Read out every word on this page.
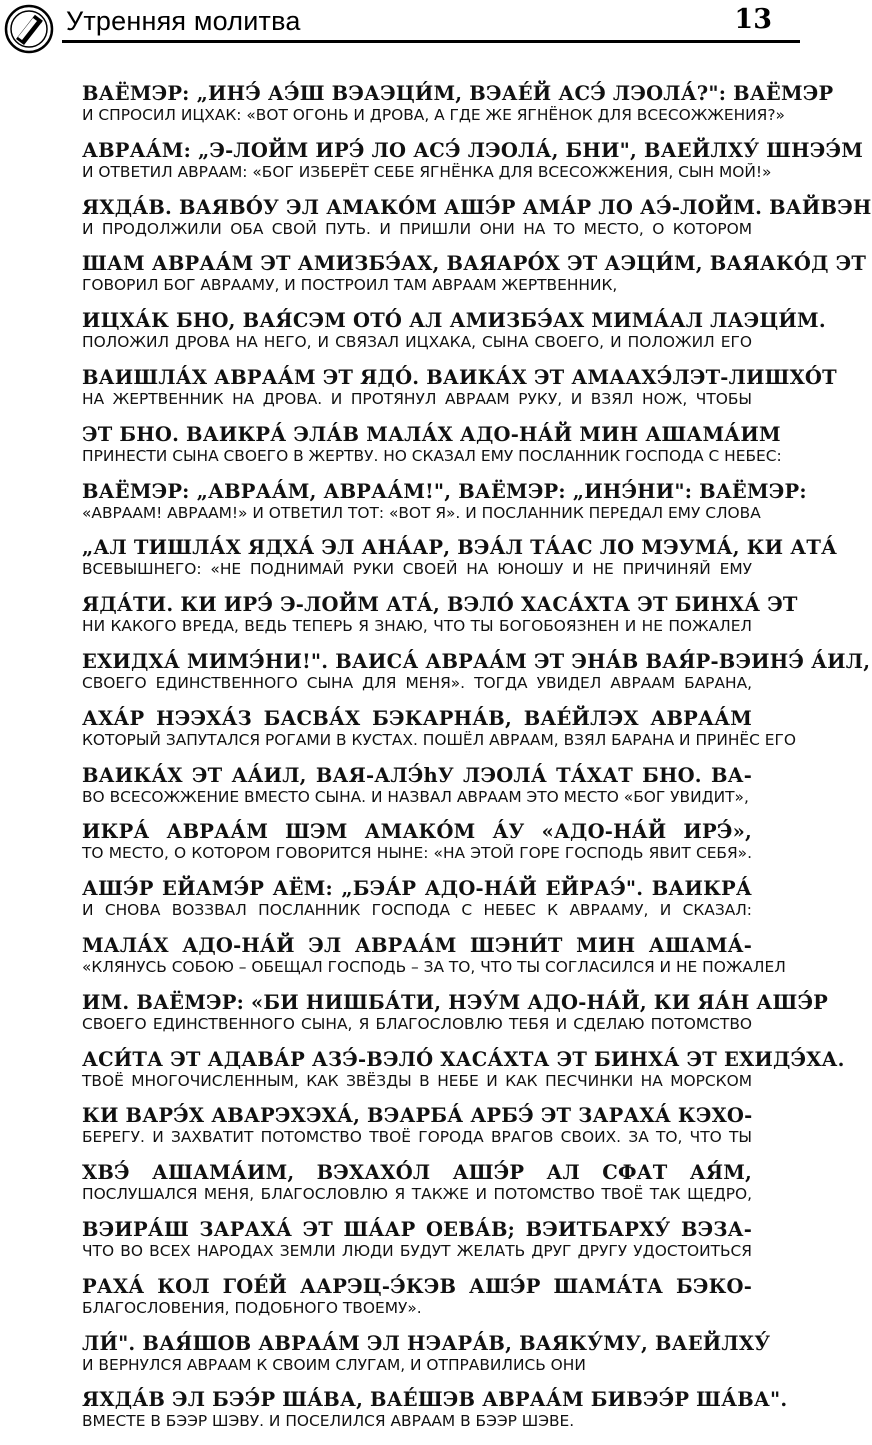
Утренняя молитва	13
ВАЁМЭР: „ИНЭ́ АЭ́Ш ВЭАЭЦИ́М, ВЭАЕ́Й АСЭ́ ЛЭОЛА́?": ВАЁМЭР
И СПРОСИЛ ИЦХАК: «ВОТ ОГОНЬ И ДРОВА, А ГДЕ ЖЕ ЯГНЁНОК ДЛЯ ВСЕСОЖЖЕНИЯ?»
АВРАА́М: „Э-ЛОЙМ ИРЭ́ ЛО АСЭ́ ЛЭОЛА́, БНИ", ВАЕЙЛХУ́ ШНЭЭ́М
И ОТВЕТИЛ АВРААМ: «БОГ ИЗБЕРЁТ СЕБЕ ЯГНЁНКА ДЛЯ ВСЕСОЖЖЕНИЯ, СЫН МОЙ!»
ЯХДА́В. ВАЯВО́У ЭЛ АМАКО́М АШЭ́Р АМА́Р ЛО АЭ́-ЛОЙМ. ВАЙВЭН
И ПРОДОЛЖИЛИ ОБА СВОЙ ПУТЬ. И ПРИШЛИ ОНИ НА ТО МЕСТО, О КОТОРОМ
ШАМ АВРАА́М ЭТ АМИЗБЭ́АХ, ВАЯАРО́Х ЭТ АЭЦИ́М, ВАЯАКО́Д ЭТ
ГОВОРИЛ БОГ АВРААМУ, И ПОСТРОИЛ ТАМ АВРААМ ЖЕРТВЕННИК,
ИЦХА́К БНО, ВАЯ́СЭМ ОТО́ АЛ АМИЗБЭ́АХ МИМА́АЛ ЛАЭЦИ́М.
ПОЛОЖИЛ ДРОВА НА НЕГО, И СВЯЗАЛ ИЦХАКА, СЫНА СВОЕГО, И ПОЛОЖИЛ ЕГО
ВАИШЛА́Х АВРАА́М ЭТ ЯДО́. ВАИКА́Х ЭТ АМААХЭ́ЛЭТ-ЛИШХО́Т
НА ЖЕРТВЕННИК НА ДРОВА. И ПРОТЯНУЛ АВРААМ РУКУ, И ВЗЯЛ НОЖ, ЧТОБЫ
ЭТ БНО. ВАИКРА́ ЭЛА́В МАЛА́Х АДО-НА́Й МИН АШАМА́ИМ
ПРИНЕСТИ СЫНА СВОЕГО В ЖЕРТВУ. НО СКАЗАЛ ЕМУ ПОСЛАННИК ГОСПОДА С НЕБЕС:
ВАЁМЭР: „АВРАА́М, АВРАА́М!", ВАЁМЭР: „ИНЭ́НИ": ВАЁМЭР:
«АВРААМ! АВРААМ!» И ОТВЕТИЛ ТОТ: «ВОТ Я». И ПОСЛАННИК ПЕРЕДАЛ ЕМУ СЛОВА
„АЛ ТИШЛА́Х ЯДХА́ ЭЛ АНА́АР, ВЭА́Л ТА́АС ЛО МЭУМА́, КИ АТА́
ВСЕВЫШНЕГО: «НЕ ПОДНИМАЙ РУКИ СВОЕЙ НА ЮНОШУ И НЕ ПРИЧИНЯЙ ЕМУ
ЯДА́ТИ. КИ ИРЭ́ Э-ЛОЙМ АТА́, ВЭЛО́ ХАСА́ХТА ЭТ БИНХА́ ЭТ
НИ КАКОГО ВРЕДА, ВЕДЬ ТЕПЕРЬ Я ЗНАЮ, ЧТО ТЫ БОГОБОЯЗНЕН И НЕ ПОЖАЛЕЛ
ЕХИДХА́ МИМЭ́НИ!". ВАИСА́ АВРАА́М ЭТ ЭНА́В ВАЯ́Р-ВЭИНЭ́ А́ИЛ,
СВОЕГО ЕДИНСТВЕННОГО СЫНА ДЛЯ МЕНЯ». ТОГДА УВИДЕЛ АВРААМ БАРАНА,
АХА́Р НЭЭХА́З БАСВА́Х БЭКАРНА́В, ВАЕ́ЙЛЭХ АВРАА́М
КОТОРЫЙ ЗАПУТАЛСЯ РОГАМИ В КУСТАХ. ПОШЁЛ АВРААМ, ВЗЯЛ БАРАНА И ПРИНЁС ЕГО
ВАИКА́Х ЭТ АА́ИЛ, ВАЯ-АЛЭ́hУ ЛЭОЛА́ ТА́ХАТ БНО. ВА-
ВО ВСЕСОЖЖЕНИЕ ВМЕСТО СЫНА. И НАЗВАЛ АВРААМ ЭТО МЕСТО «БОГ УВИДИТ»,
ИКРА́ АВРАА́М ШЭМ АМАКО́М А́У «АДО-НА́Й ИРЭ́»,
ТО МЕСТО, О КОТОРОМ ГОВОРИТСЯ НЫНЕ: «НА ЭТОЙ ГОРЕ ГОСПОДЬ ЯВИТ СЕБЯ».
АШЭ́Р ЕЙАМЭ́Р АЁМ: „БЭА́Р АДО-НА́Й ЕЙРАЭ́". ВАИКРА́
И СНОВА ВОЗЗВАЛ ПОСЛАННИК ГОСПОДА С НЕБЕС К АВРААМУ, И СКАЗАЛ:
МАЛА́Х АДО-НА́Й ЭЛ АВРАА́М ШЭНИ́Т МИН АШАМА́-
«КЛЯНУСЬ СОБОЮ – ОБЕЩАЛ ГОСПОДЬ – ЗА ТО, ЧТО ТЫ СОГЛАСИЛСЯ И НЕ ПОЖАЛЕЛ
ИМ. ВАЁМЭР: «БИ НИШБА́ТИ, НЭУ́М АДО-НА́Й, КИ ЯА́Н АШЭ́Р
СВОЕГО ЕДИНСТВЕННОГО СЫНА, Я БЛАГОСЛОВЛЮ ТЕБЯ И СДЕЛАЮ ПОТОМСТВО
АСИ́ТА ЭТ АДАВА́Р АЗЭ́-ВЭЛО́ ХАСА́ХТА ЭТ БИНХА́ ЭТ ЕХИДЭ́ХА.
ТВОЁ МНОГОЧИСЛЕННЫМ, КАК ЗВЁЗДЫ В НЕБЕ И КАК ПЕСЧИНКИ НА МОРСКОМ
КИ ВАРЭ́Х АВАРЭХЭХА́, ВЭАРБА́ АРБЭ́ ЭТ ЗАРАХА́ КЭХО-
БЕРЕГУ. И ЗАХВАТИТ ПОТОМСТВО ТВОЁ ГОРОДА ВРАГОВ СВОИХ. ЗА ТО, ЧТО ТЫ
ХВЭ́ АШАМА́ИМ, ВЭХАХО́Л АШЭ́Р АЛ СФАТ АЯ́М,
ПОСЛУШАЛСЯ МЕНЯ, БЛАГОСЛОВЛЮ Я ТАКЖЕ И ПОТОМСТВО ТВОЁ ТАК ЩЕДРО,
ВЭИРА́Ш ЗАРАХА́ ЭТ ША́АР ОЕВА́В; ВЭИТБАРХУ́ ВЭЗА-
ЧТО ВО ВСЕХ НАРОДАХ ЗЕМЛИ ЛЮДИ БУДУТ ЖЕЛАТЬ ДРУГ ДРУГУ УДОСТОИТЬСЯ
РАХА́ КОЛ ГОЕ́Й ААРЭЦ-Э́КЭВ АШЭ́Р ШАМА́ТА БЭКО-
БЛАГОСЛОВЕНИЯ, ПОДОБНОГО ТВОЕМУ».
ЛИ́". ВАЯ́ШОВ АВРАА́М ЭЛ НЭАРА́В, ВАЯКУ́МУ, ВАЕЙЛХУ́
И ВЕРНУЛСЯ АВРААМ К СВОИМ СЛУГАМ, И ОТПРАВИЛИСЬ ОНИ
ЯХДА́В ЭЛ БЭЭ́Р ША́ВА, ВАЕ́ШЭВ АВРАА́М БИВЭЭ́Р ША́ВА".
ВМЕСТЕ В БЭЭР ШЭВУ. И ПОСЕЛИЛСЯ АВРААМ В БЭЭР ШЭВЕ.
